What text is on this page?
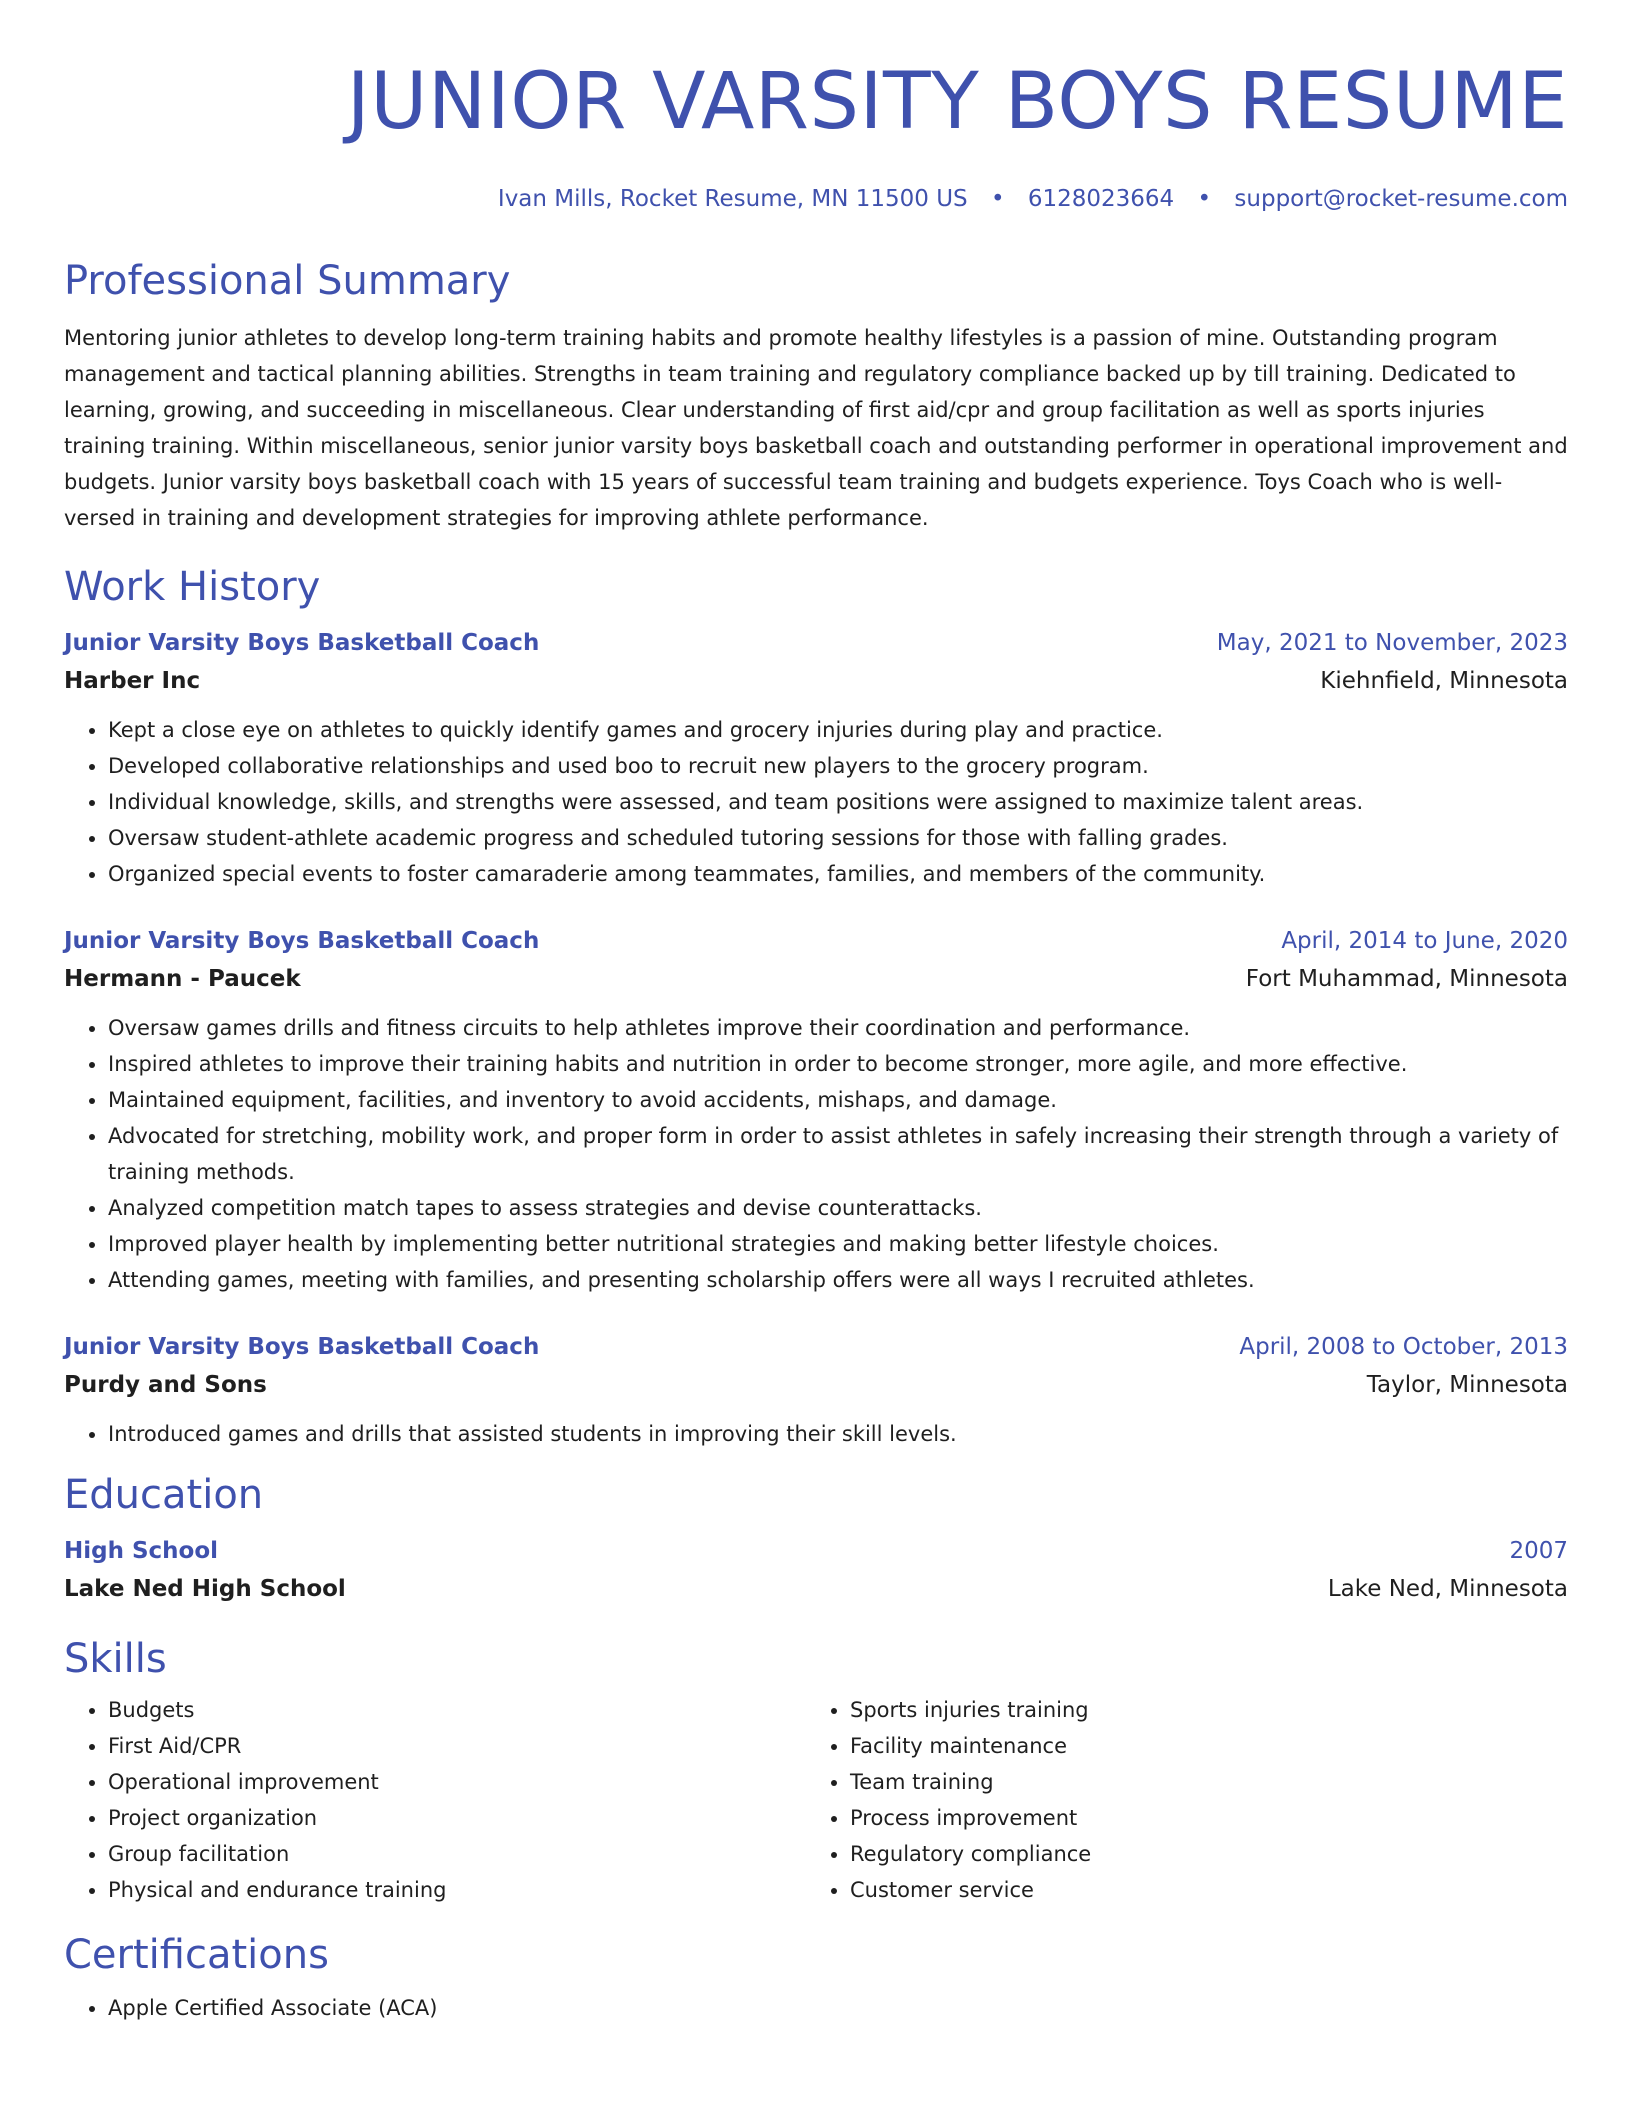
JUNIOR VARSITY BOYS RESUME
Ivan Mills, Rocket Resume, MN 11500 US • 6128023664 • support@rocket-resume.com
Professional Summary

Mentoring junior athletes to develop long-term training habits and promote healthy lifestyles is a passion of mine. Outstanding program management and tactical planning abilities. Strengths in team training and regulatory compliance backed up by till training. Dedicated to learning, growing, and succeeding in miscellaneous. Clear understanding of first aid/cpr and group facilitation as well as sports injuries training training. Within miscellaneous, senior junior varsity boys basketball coach and outstanding performer in operational improvement and budgets. Junior varsity boys basketball coach with 15 years of successful team training and budgets experience. Toys Coach who is well-versed in training and development strategies for improving athlete performance.

Work History
Junior Varsity Boys Basketball Coach	May, 2021 to November, 2023
Harber Inc	Kiehnfield, Minnesota
• Kept a close eye on athletes to quickly identify games and grocery injuries during play and practice.
• Developed collaborative relationships and used boo to recruit new players to the grocery program.
• Individual knowledge, skills, and strengths were assessed, and team positions were assigned to maximize talent areas.
• Oversaw student-athlete academic progress and scheduled tutoring sessions for those with falling grades.
• Organized special events to foster camaraderie among teammates, families, and members of the community.
Junior Varsity Boys Basketball Coach	April, 2014 to June, 2020
Hermann - Paucek	Fort Muhammad, Minnesota
• Oversaw games drills and fitness circuits to help athletes improve their coordination and performance.
• Inspired athletes to improve their training habits and nutrition in order to become stronger, more agile, and more effective.
• Maintained equipment, facilities, and inventory to avoid accidents, mishaps, and damage.
• Advocated for stretching, mobility work, and proper form in order to assist athletes in safely increasing their strength through a variety of training methods.
• Analyzed competition match tapes to assess strategies and devise counterattacks.
• Improved player health by implementing better nutritional strategies and making better lifestyle choices.
• Attending games, meeting with families, and presenting scholarship offers were all ways I recruited athletes.
Junior Varsity Boys Basketball Coach	April, 2008 to October, 2013
Purdy and Sons	Taylor, Minnesota
• Introduced games and drills that assisted students in improving their skill levels.
Education
High School	2007
Lake Ned High School	Lake Ned, Minnesota
Skills
• Budgets
• First Aid/CPR
• Operational improvement
• Project organization
• Group facilitation
• Physical and endurance training
• Sports injuries training
• Facility maintenance
• Team training
• Process improvement
• Regulatory compliance
• Customer service
Certifications
• Apple Certified Associate (ACA)
